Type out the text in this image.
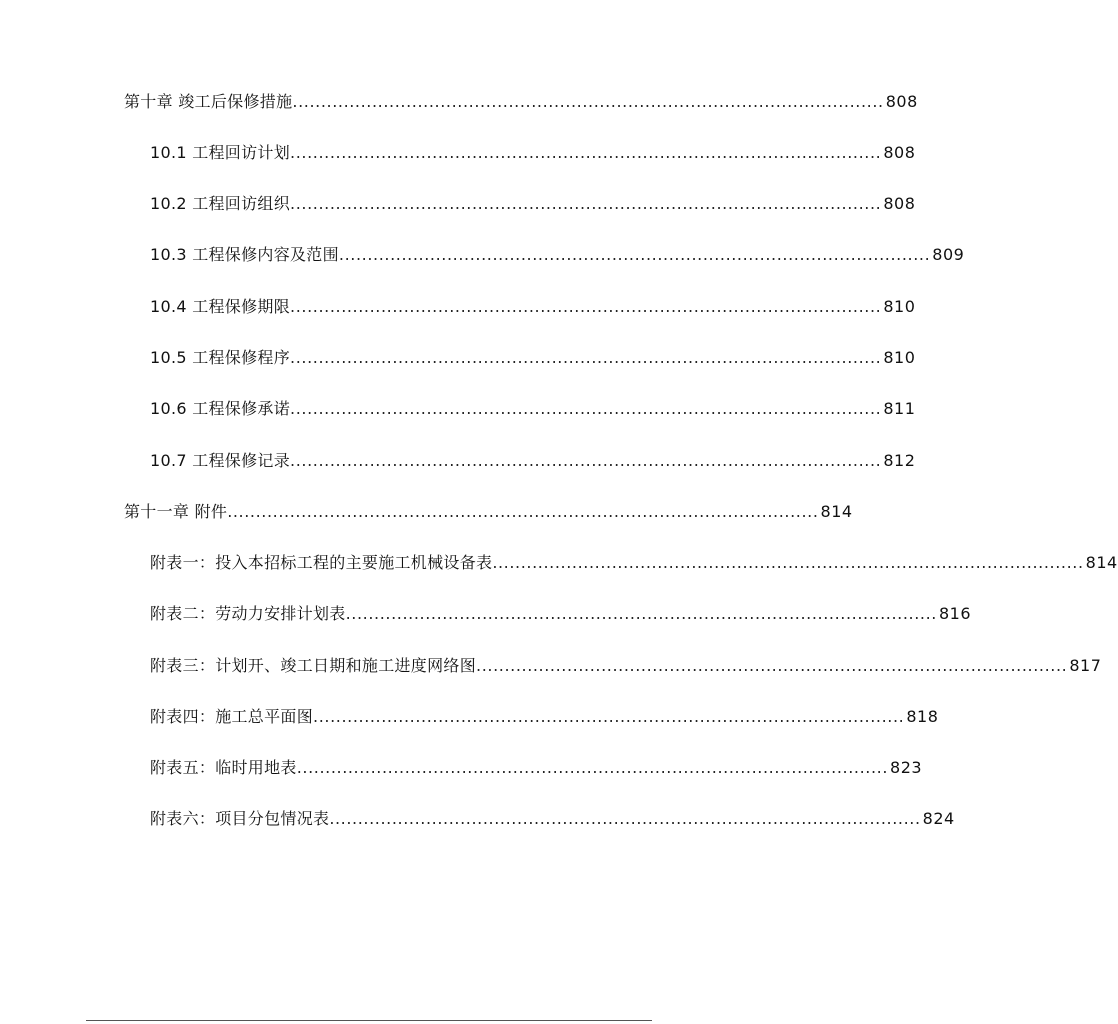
第十章 竣工后保修措施 ........................................................................................................ 808
10.1 工程回访计划 ........................................................................................................ 808
10.2 工程回访组织 ........................................................................................................ 808
10.3 工程保修内容及范围 ........................................................................................................ 809
10.4 工程保修期限 ........................................................................................................ 810
10.5 工程保修程序 ........................................................................................................ 810
10.6 工程保修承诺 ........................................................................................................ 811
10.7 工程保修记录 ........................................................................................................ 812
第十一章 附件 ........................................................................................................ 814
附表一：投入本招标工程的主要施工机械设备表 ........................................................................................................ 814
附表二：劳动力安排计划表 ........................................................................................................ 816
附表三：计划开、竣工日期和施工进度网络图 ........................................................................................................ 817
附表四：施工总平面图 ........................................................................................................ 818
附表五：临时用地表 ........................................................................................................ 823
附表六：项目分包情况表 ........................................................................................................ 824
